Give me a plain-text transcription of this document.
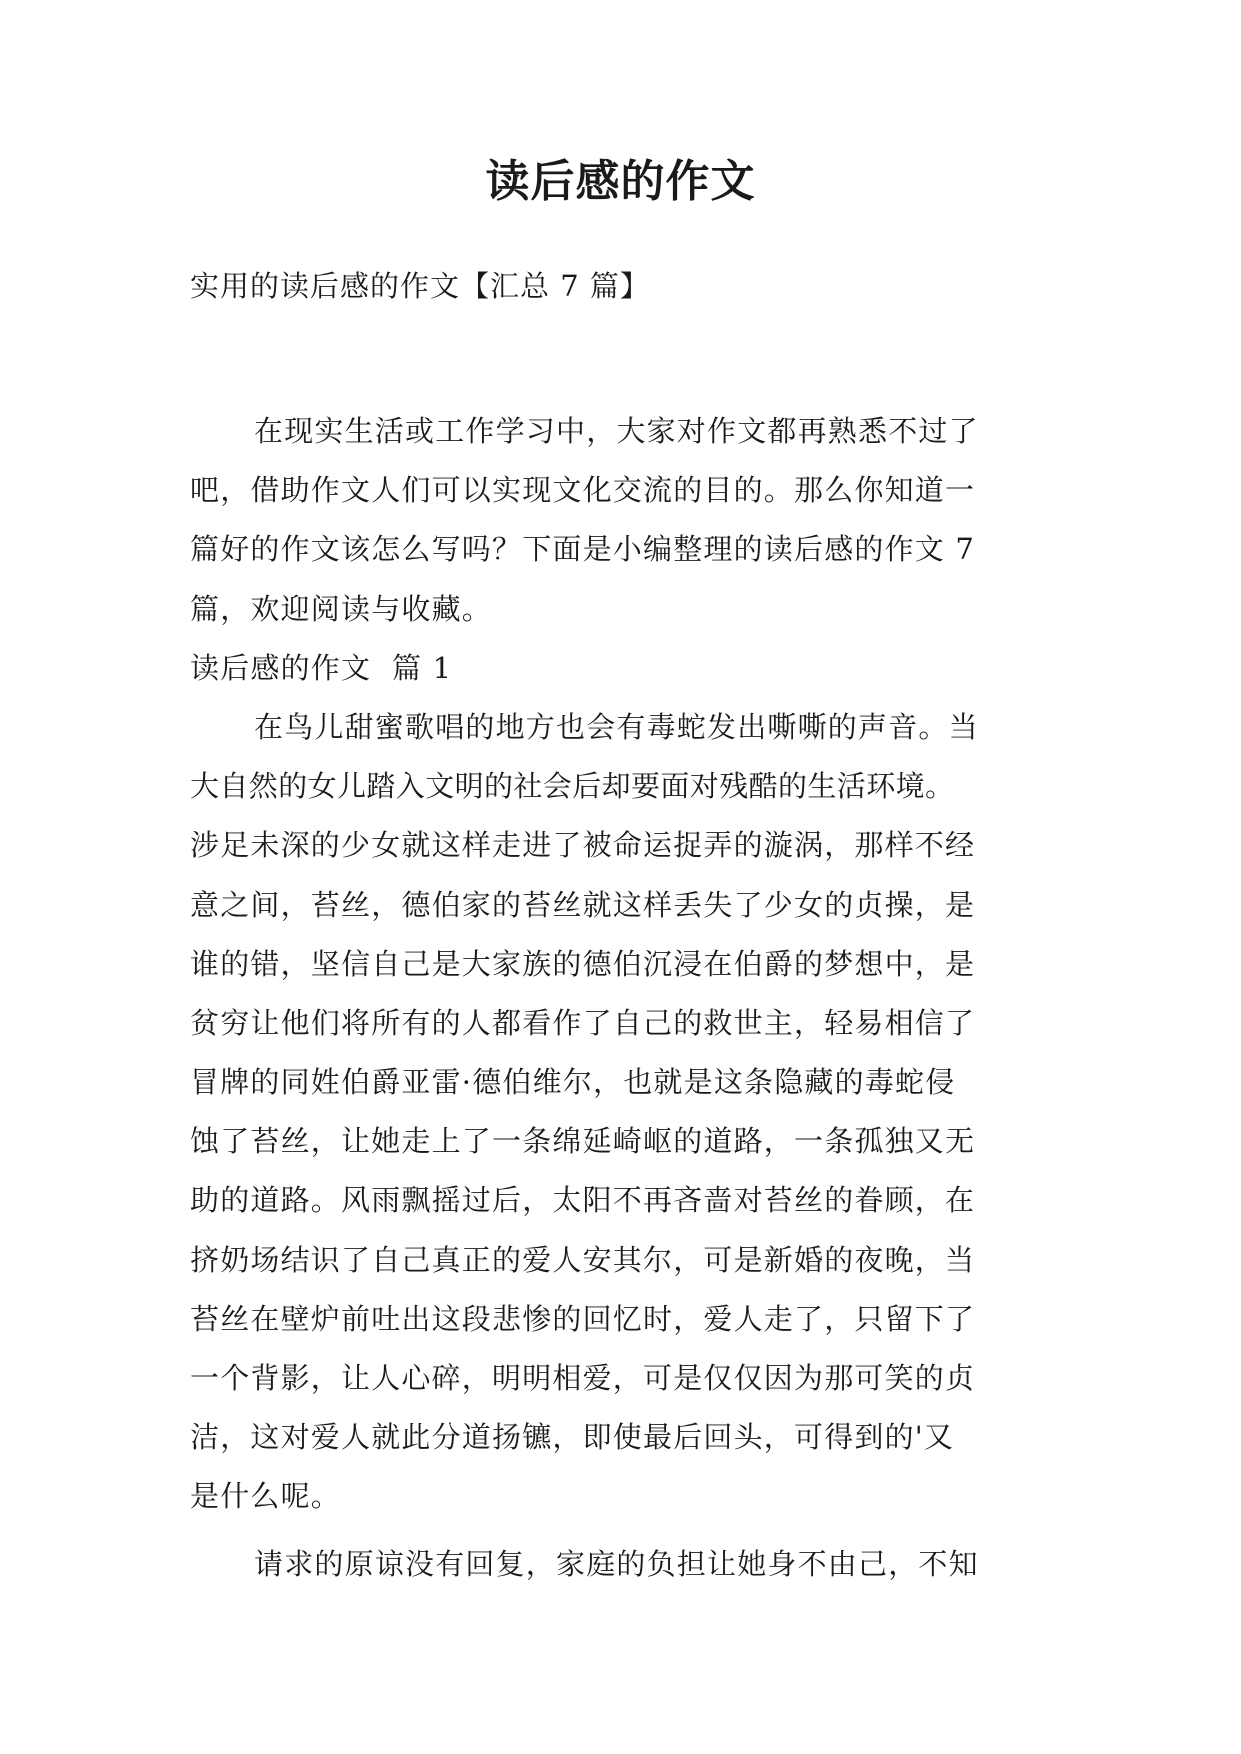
读后感的作文
实用的读后感的作文【汇总 7 篇】
在现实生活或工作学习中，大家对作文都再熟悉不过了
吧，借助作文人们可以实现文化交流的目的。那么你知道一
篇好的作文该怎么写吗？下面是小编整理的读后感的作文 7
篇，欢迎阅读与收藏。
读后感的作文  篇 1
在鸟儿甜蜜歌唱的地方也会有毒蛇发出嘶嘶的声音。当
大自然的女儿踏入文明的社会后却要面对残酷的生活环境。
涉足未深的少女就这样走进了被命运捉弄的漩涡，那样不经
意之间，苔丝，德伯家的苔丝就这样丢失了少女的贞操，是
谁的错，坚信自己是大家族的德伯沉浸在伯爵的梦想中，是
贫穷让他们将所有的人都看作了自己的救世主，轻易相信了
冒牌的同姓伯爵亚雷·德伯维尔，也就是这条隐藏的毒蛇侵
蚀了苔丝，让她走上了一条绵延崎岖的道路，一条孤独又无
助的道路。风雨飘摇过后，太阳不再吝啬对苔丝的眷顾，在
挤奶场结识了自己真正的爱人安其尔，可是新婚的夜晚，当
苔丝在壁炉前吐出这段悲惨的回忆时，爱人走了，只留下了
一个背影，让人心碎，明明相爱，可是仅仅因为那可笑的贞
洁，这对爱人就此分道扬镳，即使最后回头，可得到的'又
是什么呢。
请求的原谅没有回复，家庭的负担让她身不由己，不知
